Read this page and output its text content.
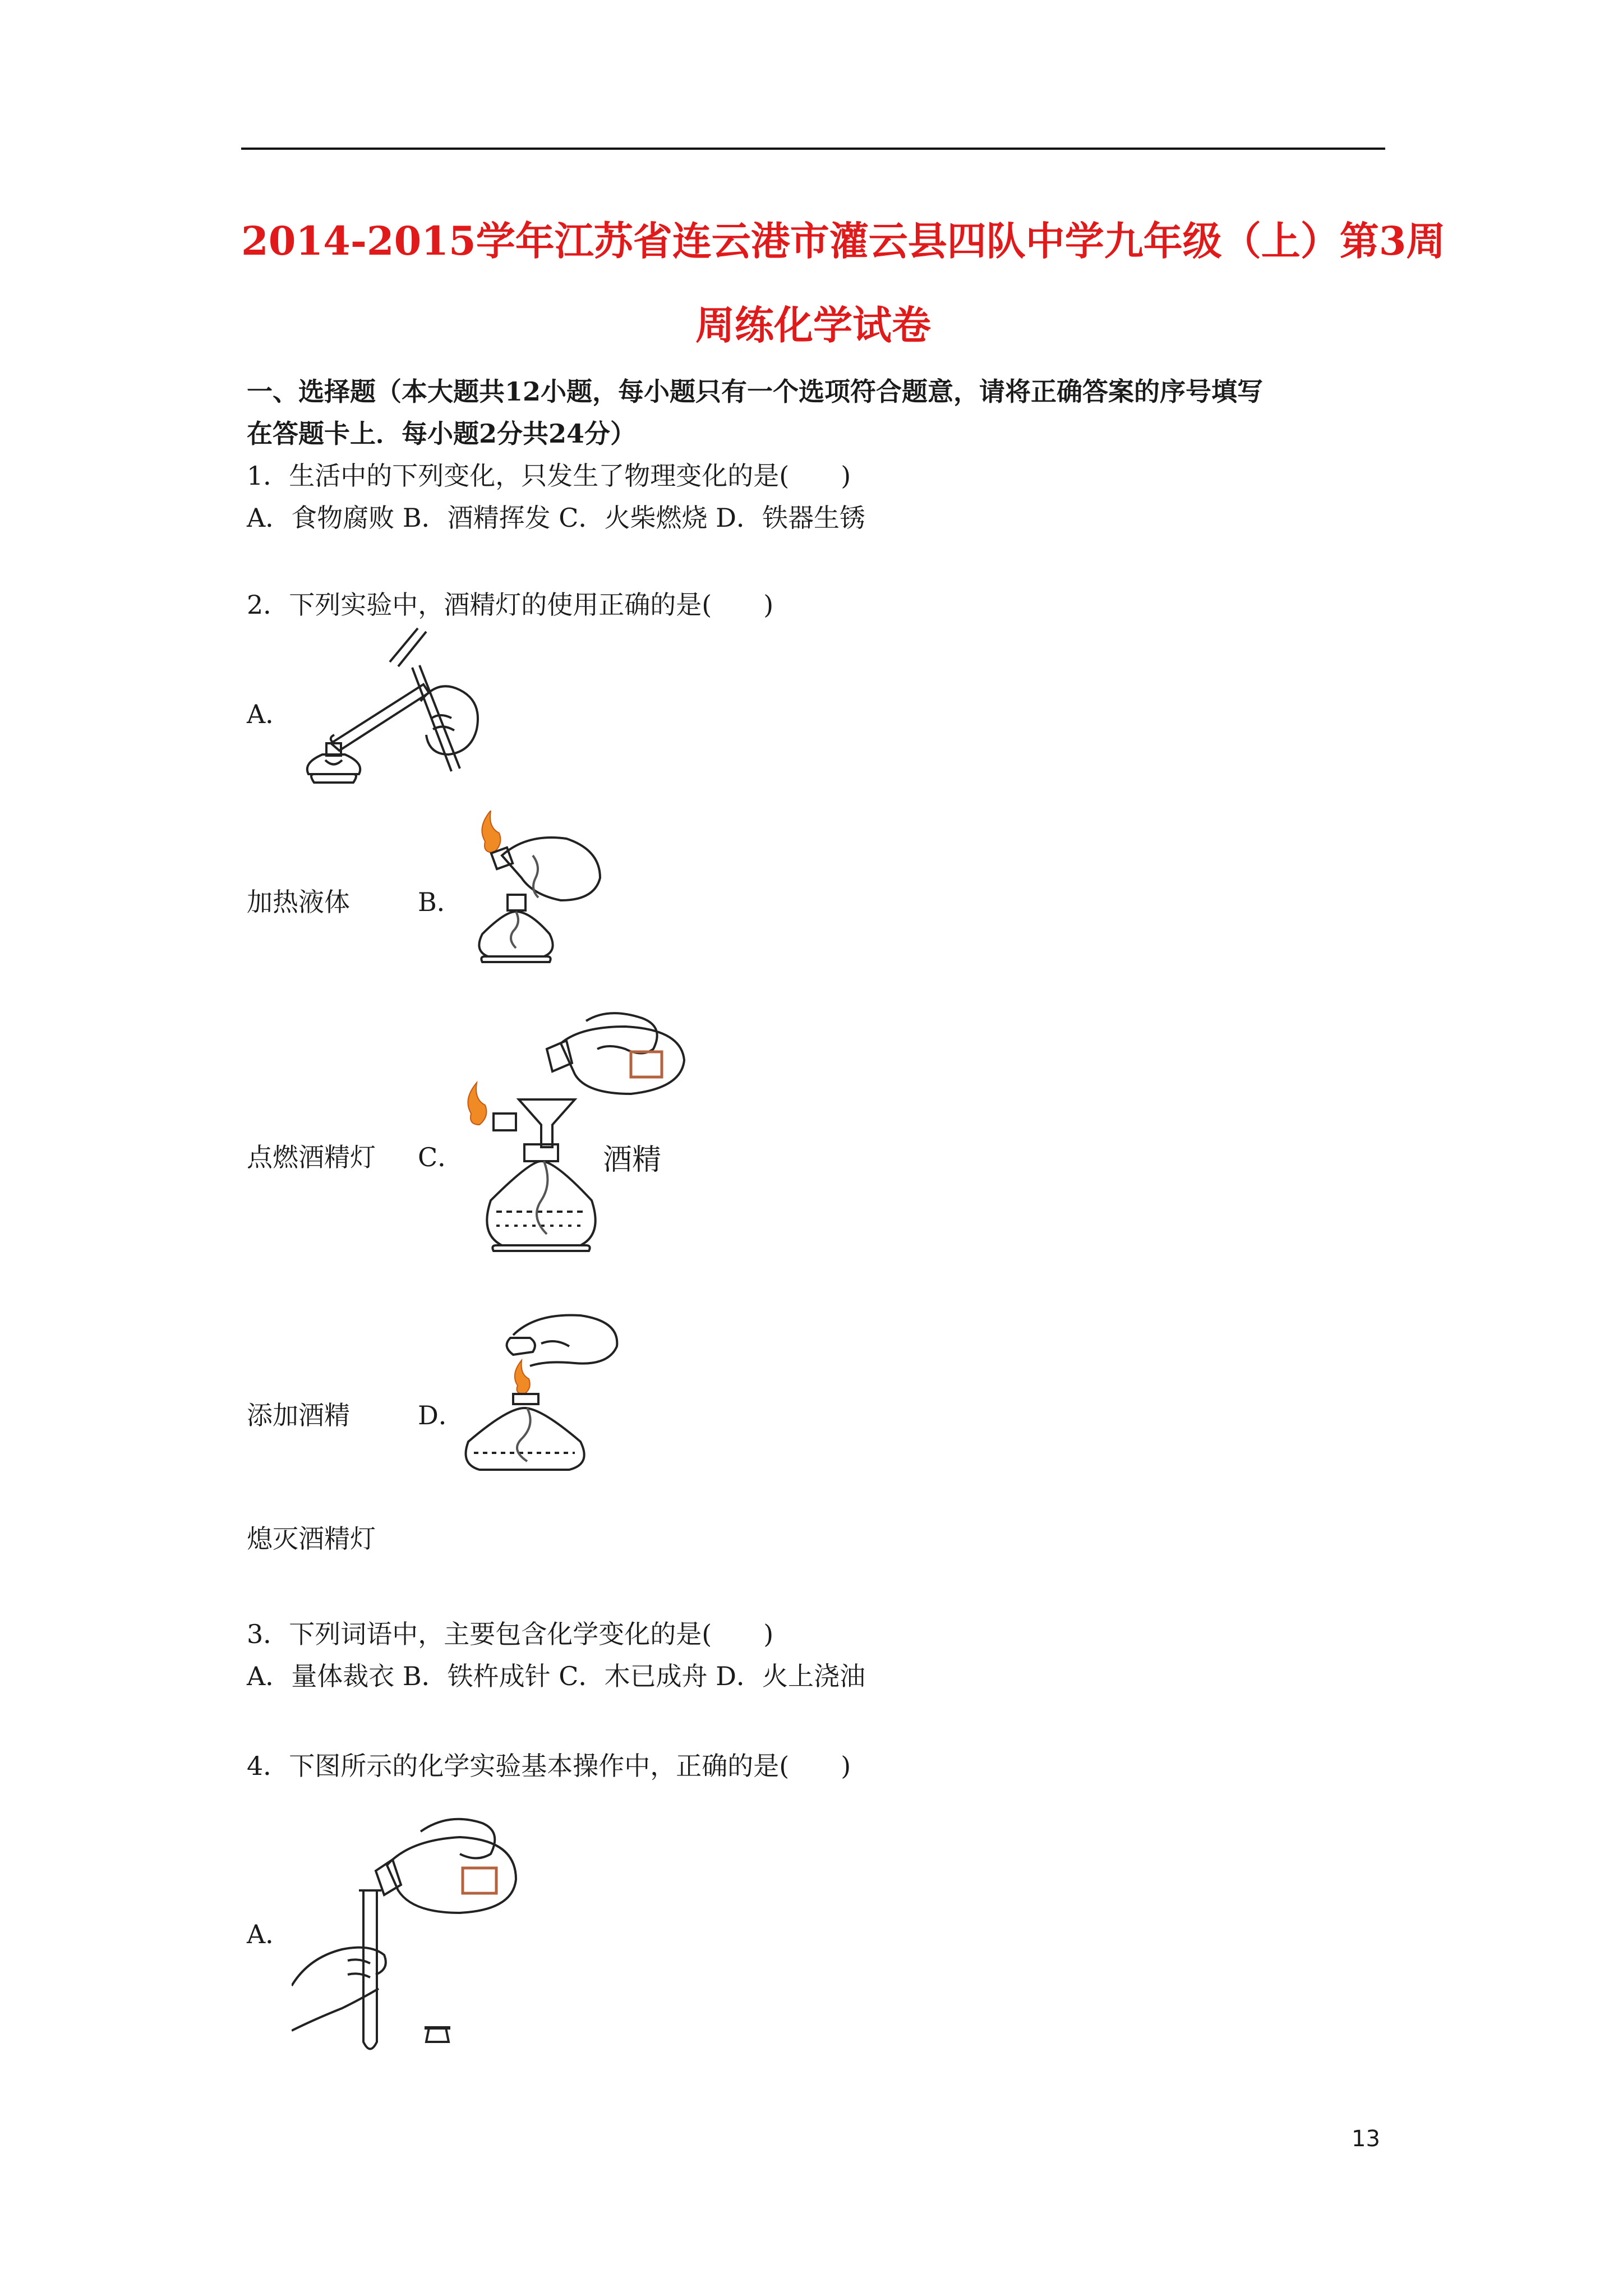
2014-2015学年江苏省连云港市灌云县四队中学九年级（上）第3周
周练化学试卷
一、选择题（本大题共12小题，每小题只有一个选项符合题意，请将正确答案的序号填写
在答题卡上．每小题2分共24分）
1．生活中的下列变化，只发生了物理变化的是(　　)
A．食物腐败 B．酒精挥发 C．火柴燃烧 D．铁器生锈
2．下列实验中，酒精灯的使用正确的是(　　)
A．
加热液体	B．
点燃酒精灯 C．	酒精
添加酒精	D．
熄灭酒精灯
3．下列词语中，主要包含化学变化的是(　　)
A．量体裁衣 B．铁杵成针 C．木已成舟 D．火上浇油
4．下图所示的化学实验基本操作中，正确的是(　　)
A．
13
